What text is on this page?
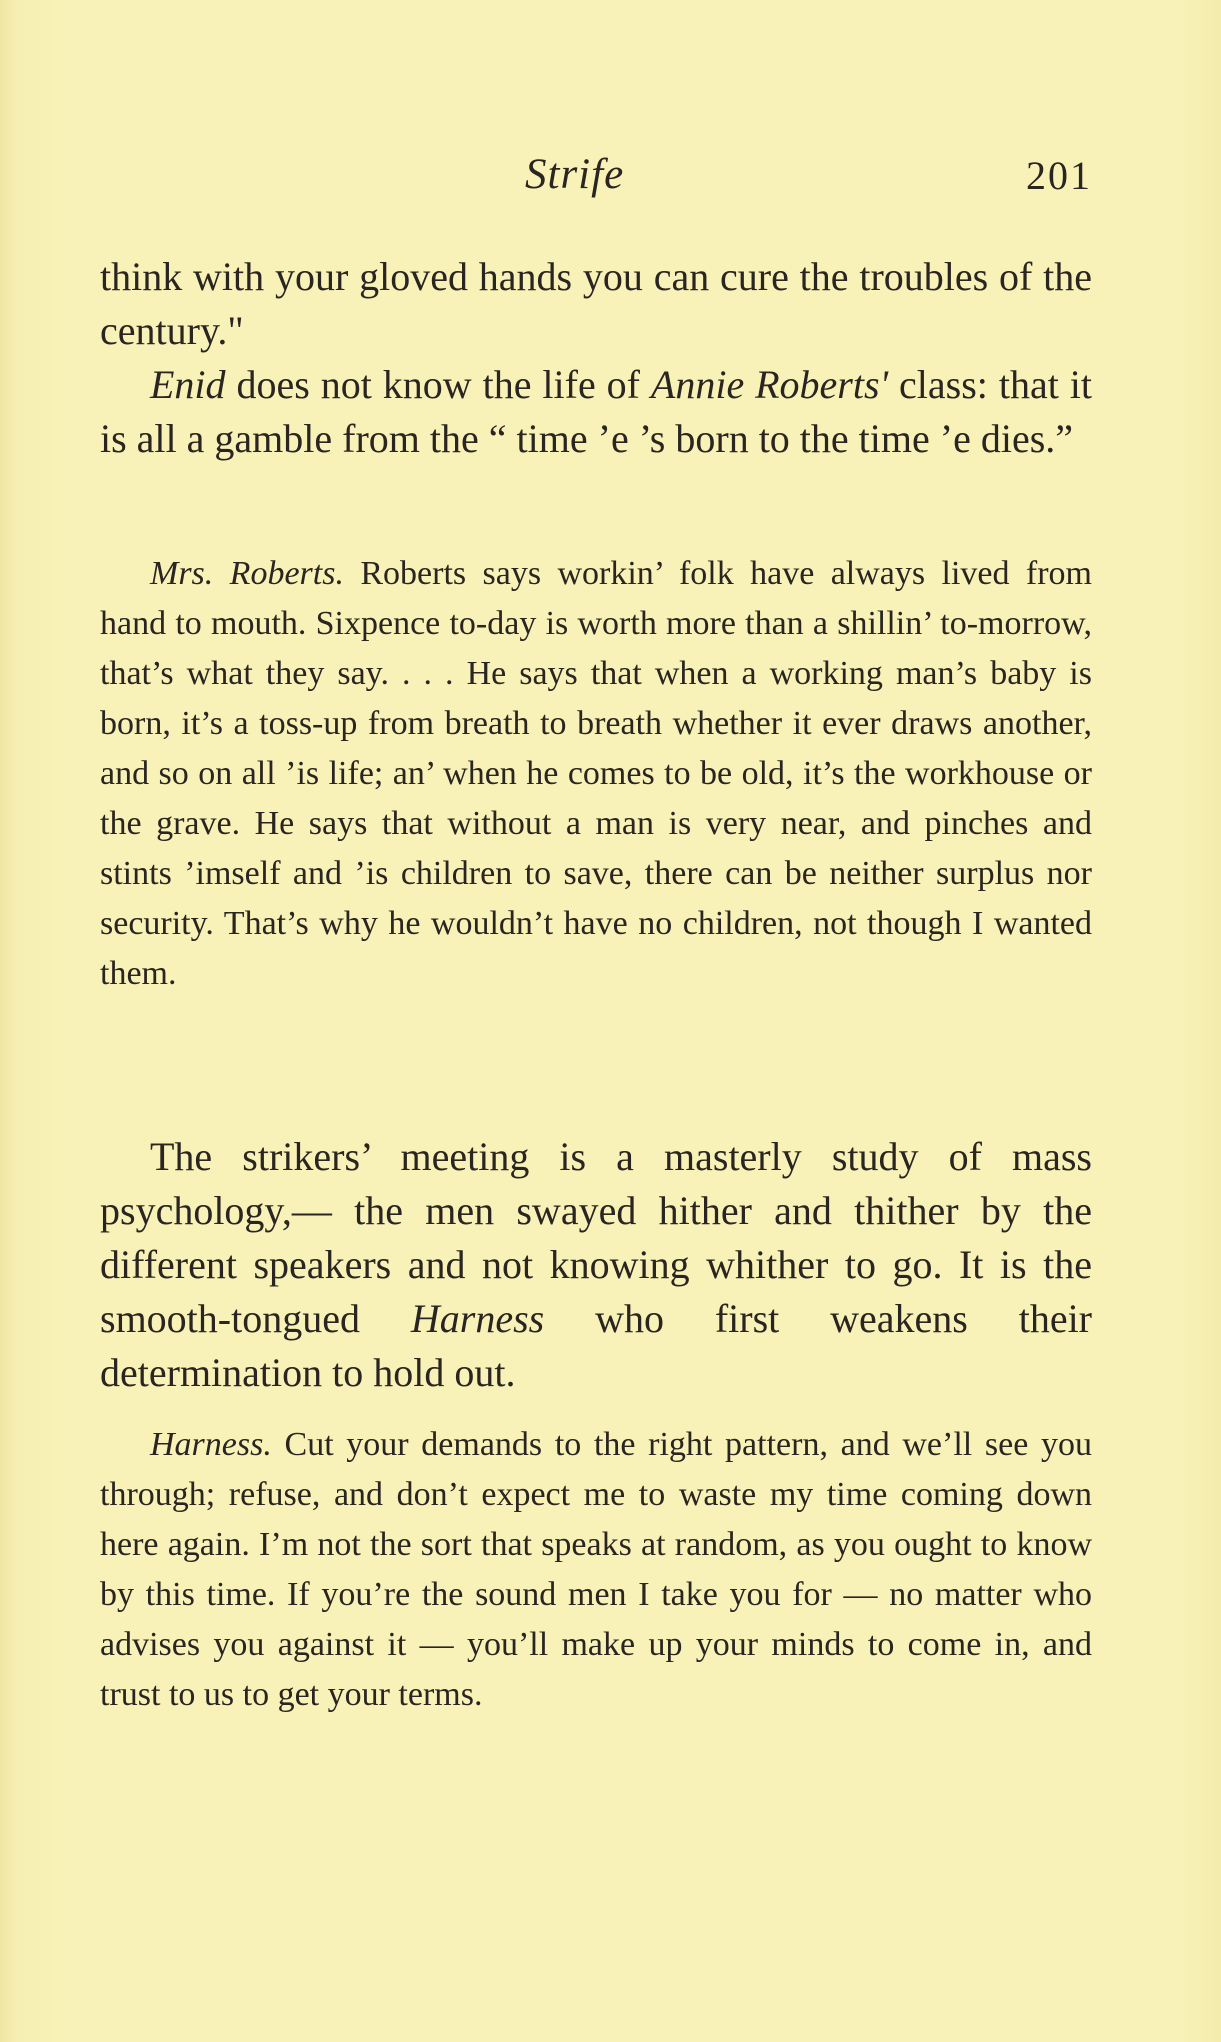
Strife	201

think with your gloved hands you can cure the troubles of the century."

Enid does not know the life of Annie Roberts' class: that it is all a gamble from the “ time ’e ’s born to the time ’e dies.”

Mrs. Roberts. Roberts says workin’ folk have always lived from hand to mouth. Sixpence to-day is worth more than a shillin’ to-morrow, that’s what they say. . . . He says that when a working man’s baby is born, it’s a toss-up from breath to breath whether it ever draws another, and so on all ’is life; an’ when he comes to be old, it’s the workhouse or the grave. He says that without a man is very near, and pinches and stints ’imself and ’is children to save, there can be neither surplus nor security. That’s why he wouldn’t have no children, not though I wanted them.

The strikers’ meeting is a masterly study of mass psychology,— the men swayed hither and thither by the different speakers and not knowing whither to go. It is the smooth-tongued Harness who first weakens their determination to hold out.

Harness. Cut your demands to the right pattern, and we’ll see you through; refuse, and don’t expect me to waste my time coming down here again. I’m not the sort that speaks at random, as you ought to know by this time. If you’re the sound men I take you for — no matter who advises you against it — you’ll make up your minds to come in, and trust to us to get your terms.
